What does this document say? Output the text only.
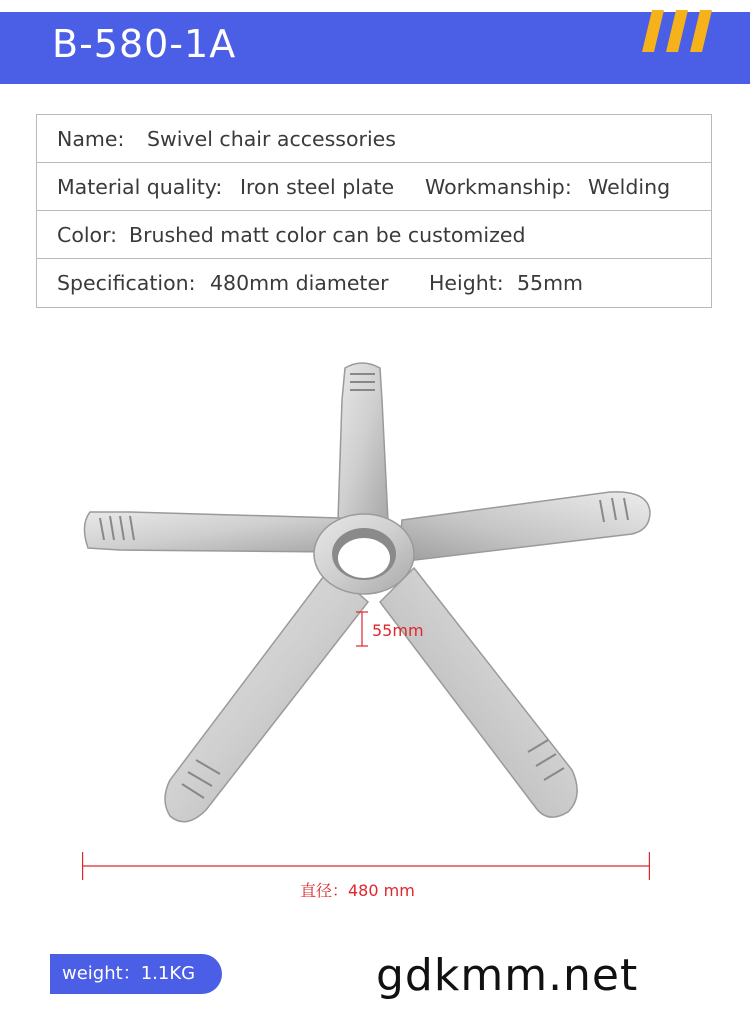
B-580-1A
Name: Swivel chair accessories
Material quality: Iron steel plate Workmanship: Welding
Color: Brushed matt color can be customized
Specification: 480mm diameter Height: 55mm
55mm
直径：480 mm
weight：1.1KG	gdkmm.net
